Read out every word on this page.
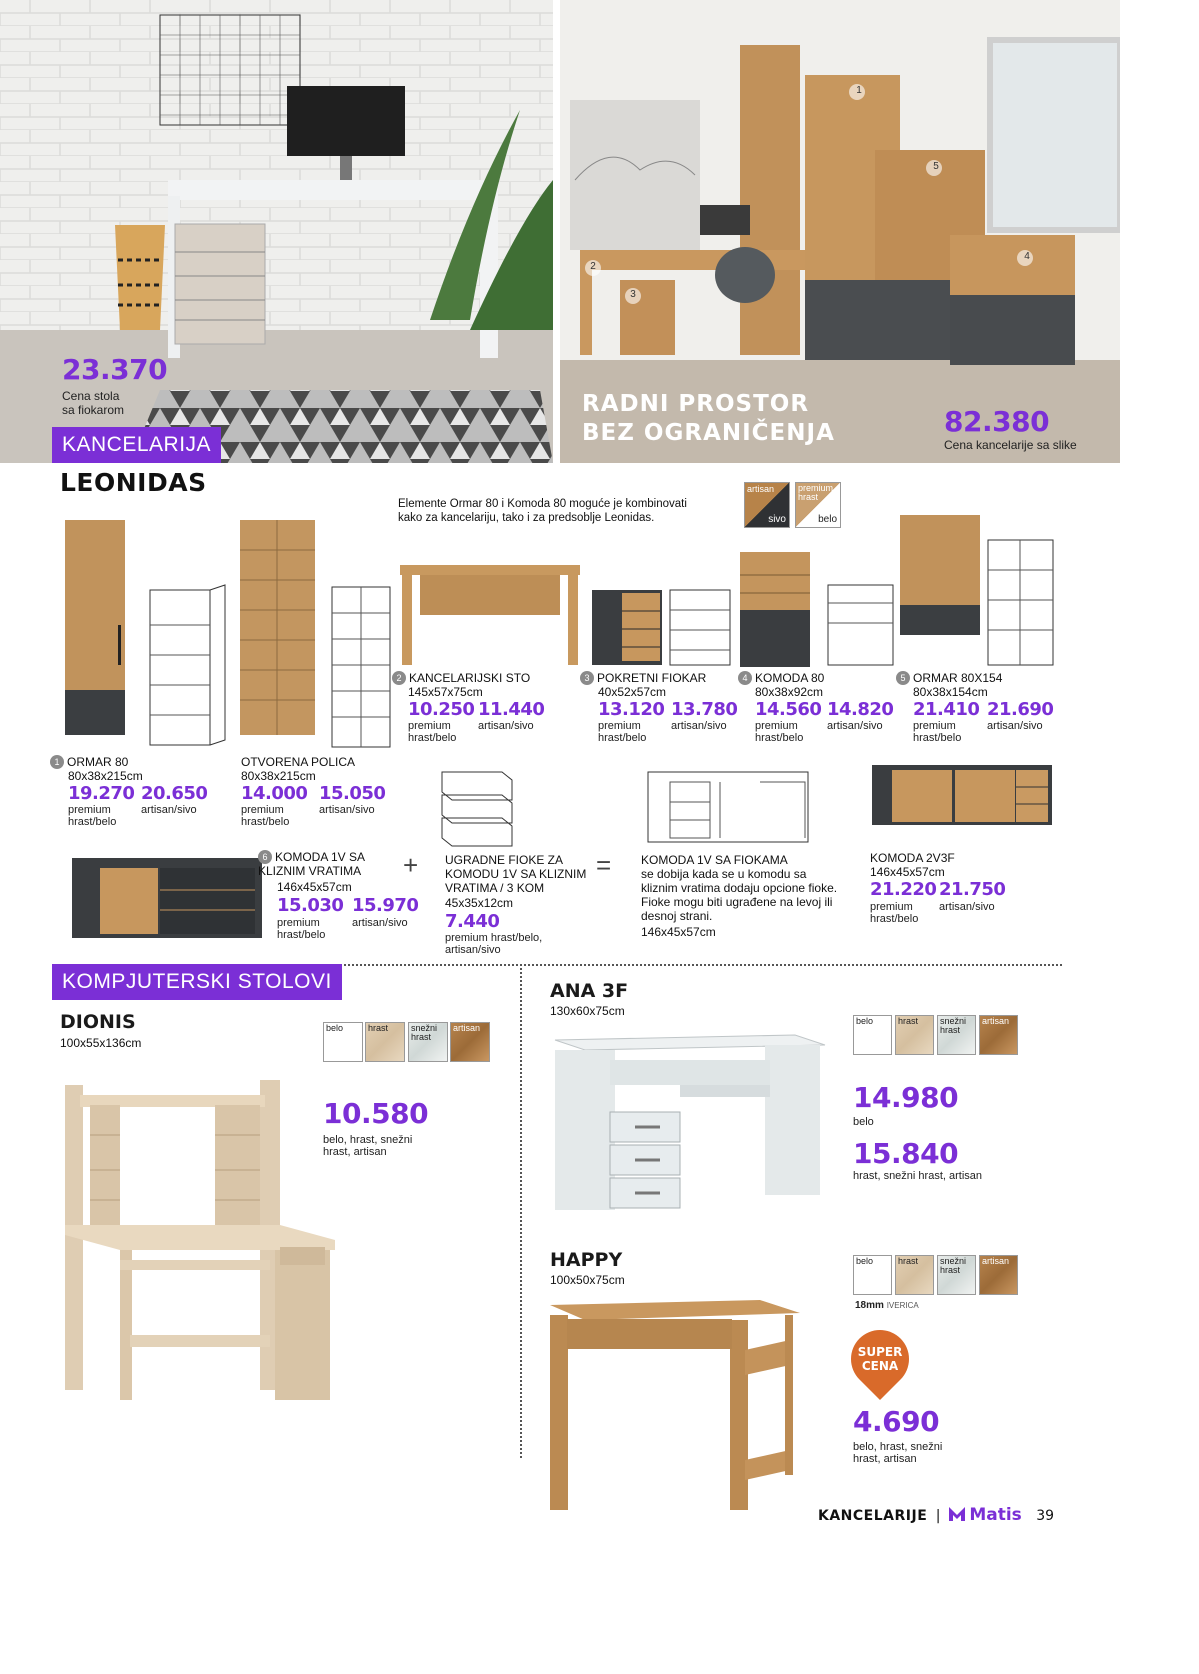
23.370
Cena stola sa fiokarom
1
5
4
2
3
RADNI PROSTOR
BEZ OGRANIČENJA	82.380
Cena kancelarije sa slike
KANCELARIJA
LEONIDAS
Elemente Ormar 80 i Komoda 80 moguće je kombinovati kako za kancelariju, tako i za predsoblje Leonidas.
artisan
sivo
premium hrast
belo
2 KANCELARIJSKI STO
145x57x75cm
10.250
premium hrast/belo
11.440
artisan/sivo
3 POKRETNI FIOKAR
40x52x57cm
13.120
premium hrast/belo
13.780
artisan/sivo
4 KOMODA 80
80x38x92cm
14.560
premium hrast/belo
14.820
artisan/sivo
5 ORMAR 80X154
80x38x154cm
21.410
premium hrast/belo
21.690
artisan/sivo
1 ORMAR 80
80x38x215cm
19.270
premium hrast/belo
20.650
artisan/sivo
OTVORENA POLICA
80x38x215cm
14.000
premium hrast/belo
15.050
artisan/sivo
+	=
6 KOMODA 1V SA KLIZNIM VRATIMA
146x45x57cm
15.030
premium hrast/belo
15.970
artisan/sivo
UGRADNE FIOKE ZA KOMODU 1V SA KLIZNIM VRATIMA / 3 KOM
45x35x12cm
7.440
premium hrast/belo, artisan/sivo
KOMODA 1V SA FIOKAMA
se dobija kada se u komodu sa kliznim vratima dodaju opcione fioke. Fioke mogu biti ugrađene na levoj ili desnoj strani.
146x45x57cm
KOMODA 2V3F
146x45x57cm
21.220
premium hrast/belo
21.750
artisan/sivo
KOMPJUTERSKI STOLOVI
DIONIS
100x55x136cm
belo	hrast	snežni hrast
artisan
10.580
belo, hrast, snežni hrast, artisan
ANA 3F
130x60x75cm
belo	hrast snežni hrast
artisan
14.980
belo
15.840
hrast, snežni hrast, artisan
HAPPY
100x50x75cm
belo	hrast snežni hrast
artisan
18mm IVERICA
SUPER CENA
4.690
belo, hrast, snežni hrast, artisan
KANCELARIJE | Matis 39
